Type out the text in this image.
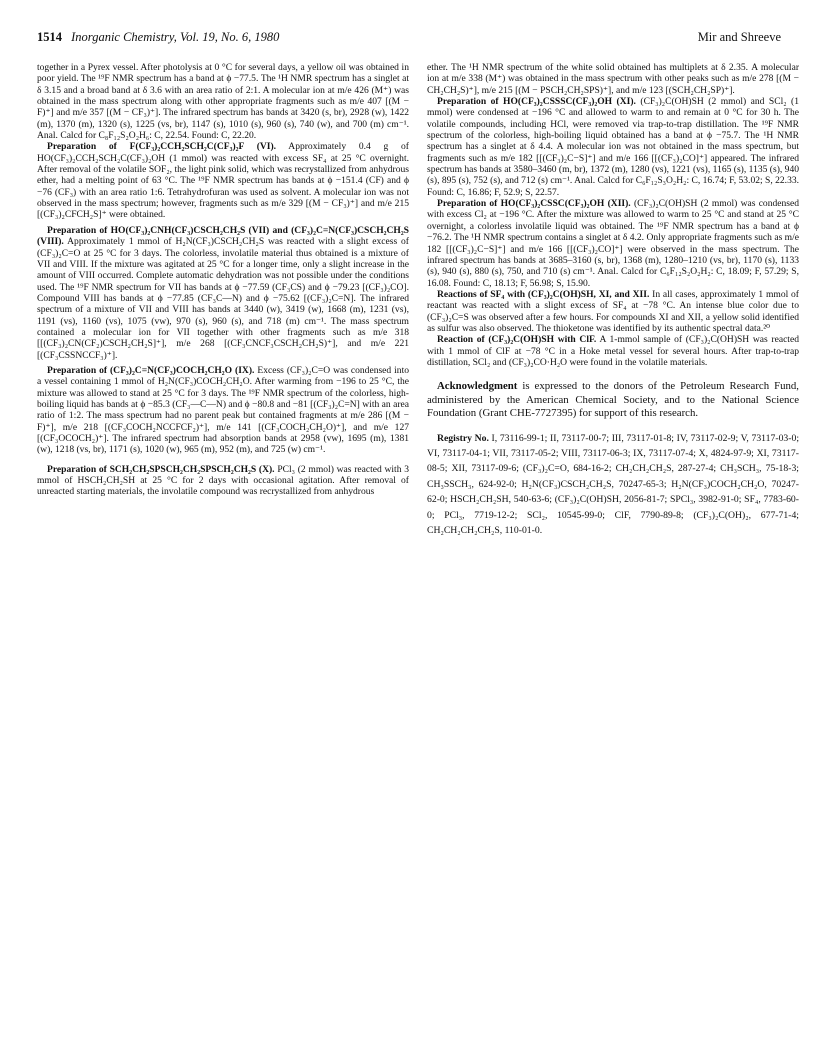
1514 Inorganic Chemistry, Vol. 19, No. 6, 1980	Mir and Shreeve

together in a Pyrex vessel. After photolysis at 0 °C for several days, a yellow oil was obtained in poor yield. The ¹⁹F NMR spectrum has a band at ϕ −77.5. The ¹H NMR spectrum has a singlet at δ 3.15 and a broad band at δ 3.6 with an area ratio of 2:1. A molecular ion at m/e 426 (M⁺) was obtained in the mass spectrum along with other appropriate fragments such as m/e 407 [(M − F)⁺] and m/e 357 [(M − CF₃)⁺]. The infrared spectrum has bands at 3420 (s, br), 2928 (w), 1422 (m), 1370 (m), 1320 (s), 1225 (vs, br), 1147 (s), 1010 (s), 960 (s), 740 (w), and 700 (m) cm⁻¹. Anal. Calcd for C₈F₁₂S₂O₂H₆: C, 22.54. Found: C, 22.20.

Preparation of F(CF₃)₂CCH₂SCH₂C(CF₃)₂F (VI). Approximately 0.4 g of HO(CF₃)₂CCH₂SCH₂C(CF₃)₂OH (1 mmol) was reacted with excess SF₄ at 25 °C overnight. After removal of the volatile SOF₂, the light pink solid, which was recrystallized from anhydrous ether, had a melting point of 63 °C. The ¹⁹F NMR spectrum has bands at ϕ −151.4 (CF) and ϕ −76 (CF₃) with an area ratio 1:6. Tetrahydrofuran was used as solvent. A molecular ion was not observed in the mass spectrum; however, fragments such as m/e 329 [(M − CF₃)⁺] and m/e 215 [(CF₃)₂CFCH₂S]⁺ were obtained.

Preparation of HO(CF₃)₂CNH(CF₃)CSCH₂CH₂S (VII) and (CF₃)₂C=N(CF₃)CSCH₂CH₂S (VIII). Approximately 1 mmol of H₂N(CF₃)CSCH₂CH₂S was reacted with a slight excess of (CF₃)₂C=O at 25 °C for 3 days. The colorless, involatile material thus obtained is a mixture of VII and VIII. If the mixture was agitated at 25 °C for a longer time, only a slight increase in the amount of VIII occurred. Complete automatic dehydration was not possible under the conditions used. The ¹⁹F NMR spectrum for VII has bands at ϕ −77.59 (CF₃CS) and ϕ −79.23 [(CF₃)₂CO]. Compound VIII has bands at ϕ −77.85 (CF₃C—N) and ϕ −75.62 [(CF₃)₂C=N]. The infrared spectrum of a mixture of VII and VIII has bands at 3440 (w), 3419 (w), 1668 (m), 1231 (vs), 1191 (vs), 1160 (vs), 1075 (vw), 970 (s), 960 (s), and 718 (m) cm⁻¹. The mass spectrum contained a molecular ion for VII together with other fragments such as m/e 318 [[(CF₃)₂CN(CF₂)CSCH₂CH₂S]⁺], m/e 268 [(CF₃CNCF₃CSCH₂CH₂S)⁺], and m/e 221 [(CF₃CSSNCCF₃)⁺].

Preparation of (CF₃)₂C=N(CF₃)COCH₂CH₂O (IX). Excess (CF₃)₂C=O was condensed into a vessel containing 1 mmol of H₂N(CF₃)COCH₂CH₂O. After warming from −196 to 25 °C, the mixture was allowed to stand at 25 °C for 3 days. The ¹⁹F NMR spectrum of the colorless, high-boiling liquid has bands at ϕ −85.3 (CF₃—C—N) and ϕ −80.8 and −81 [(CF₃)₂C=N] with an area ratio of 1:2. The mass spectrum had no parent peak but contained fragments at m/e 286 [(M − F)⁺], m/e 218 [(CF₃COCH₂NCCFCF₂)⁺], m/e 141 [(CF₃COCH₂CH₂O)⁺], and m/e 127 [(CF₃OCOCH₂)⁺]. The infrared spectrum had absorption bands at 2958 (vw), 1695 (m), 1381 (w), 1218 (vs, br), 1171 (s), 1020 (w), 965 (m), 952 (m), and 725 (w) cm⁻¹.

Preparation of SCH₂CH₂SPSCH₂CH₂SPSCH₂CH₂S (X). PCl₃ (2 mmol) was reacted with 3 mmol of HSCH₂CH₂SH at 25 °C for 2 days with occasional agitation. After removal of unreacted starting materials, the involatile compound was recrystallized from anhydrous

ether. The ¹H NMR spectrum of the white solid obtained has multiplets at δ 2.35. A molecular ion at m/e 338 (M⁺) was obtained in the mass spectrum with other peaks such as m/e 278 [(M − CH₂CH₂S)⁺], m/e 215 [(M − PSCH₂CH₂SPS)⁺], and m/e 123 [(SCH₂CH₂SP)⁺].

Preparation of HO(CF₃)₂CSSSC(CF₃)₂OH (XI). (CF₃)₂C(OH)SH (2 mmol) and SCl₂ (1 mmol) were condensed at −196 °C and allowed to warm to and remain at 0 °C for 30 h. The volatile compounds, including HCl, were removed via trap-to-trap distillation. The ¹⁹F NMR spectrum of the colorless, high-boiling liquid obtained has a band at ϕ −75.7. The ¹H NMR spectrum has a singlet at δ 4.4. A molecular ion was not obtained in the mass spectrum, but fragments such as m/e 182 [[(CF₃)₂C−S]⁺] and m/e 166 [[(CF₃)₂CO]⁺] appeared. The infrared spectrum has bands at 3580–3460 (m, br), 1372 (m), 1280 (vs), 1221 (vs), 1165 (s), 1135 (s), 940 (s), 895 (s), 752 (s), and 712 (s) cm⁻¹. Anal. Calcd for C₆F₁₂S₃O₂H₂: C, 16.74; F, 53.02; S, 22.33. Found: C, 16.86; F, 52.9; S, 22.57.

Preparation of HO(CF₃)₂CSSC(CF₃)₂OH (XII). (CF₃)₂C(OH)SH (2 mmol) was condensed with excess Cl₂ at −196 °C. After the mixture was allowed to warm to 25 °C and stand at 25 °C overnight, a colorless involatile liquid was obtained. The ¹⁹F NMR spectrum has a band at ϕ −76.2. The ¹H NMR spectrum contains a singlet at δ 4.2. Only appropriate fragments such as m/e 182 [[(CF₃)₂C−S]⁺] and m/e 166 [[(CF₃)₂CO]⁺] were observed in the mass spectrum. The infrared spectrum has bands at 3685–3160 (s, br), 1368 (m), 1280–1210 (vs, br), 1170 (s), 1133 (s), 940 (s), 880 (s), 750, and 710 (s) cm⁻¹. Anal. Calcd for C₆F₁₂S₂O₂H₂: C, 18.09; F, 57.29; S, 16.08. Found: C, 18.13; F, 56.98; S, 15.90.

Reactions of SF₄ with (CF₃)₂C(OH)SH, XI, and XII. In all cases, approximately 1 mmol of reactant was reacted with a slight excess of SF₄ at −78 °C. An intense blue color due to (CF₃)₂C=S was observed after a few hours. For compounds XI and XII, a yellow solid identified as sulfur was also observed. The thioketone was identified by its authentic spectral data.²⁰

Reaction of (CF₃)₂C(OH)SH with ClF. A 1-mmol sample of (CF₃)₂C(OH)SH was reacted with 1 mmol of ClF at −78 °C in a Hoke metal vessel for several hours. After trap-to-trap distillation, SCl₂ and (CF₃)₂CO·H₂O were found in the volatile materials.

Acknowledgment is expressed to the donors of the Petroleum Research Fund, administered by the American Chemical Society, and to the National Science Foundation (Grant CHE-7727395) for support of this research.

Registry No. I, 73116-99-1; II, 73117-00-7; III, 73117-01-8; IV, 73117-02-9; V, 73117-03-0; VI, 73117-04-1; VII, 73117-05-2; VIII, 73117-06-3; IX, 73117-07-4; X, 4824-97-9; XI, 73117-08-5; XII, 73117-09-6; (CF₃)₂C=O, 684-16-2; CH₂CH₂CH₂S, 287-27-4; CH₃SCH₃, 75-18-3; CH₃SSCH₃, 624-92-0; H₂N(CF₃)CSCH₂CH₂S, 70247-65-3; H₂N(CF₃)COCH₂CH₂O, 70247-62-0; HSCH₂CH₂SH, 540-63-6; (CF₃)₂C(OH)SH, 2056-81-7; SPCl₃, 3982-91-0; SF₄, 7783-60-0; PCl₃, 7719-12-2; SCl₂, 10545-99-0; ClF, 7790-89-8; (CF₃)₂C(OH)₂, 677-71-4; CH₂CH₂CH₂CH₂S, 110-01-0.
